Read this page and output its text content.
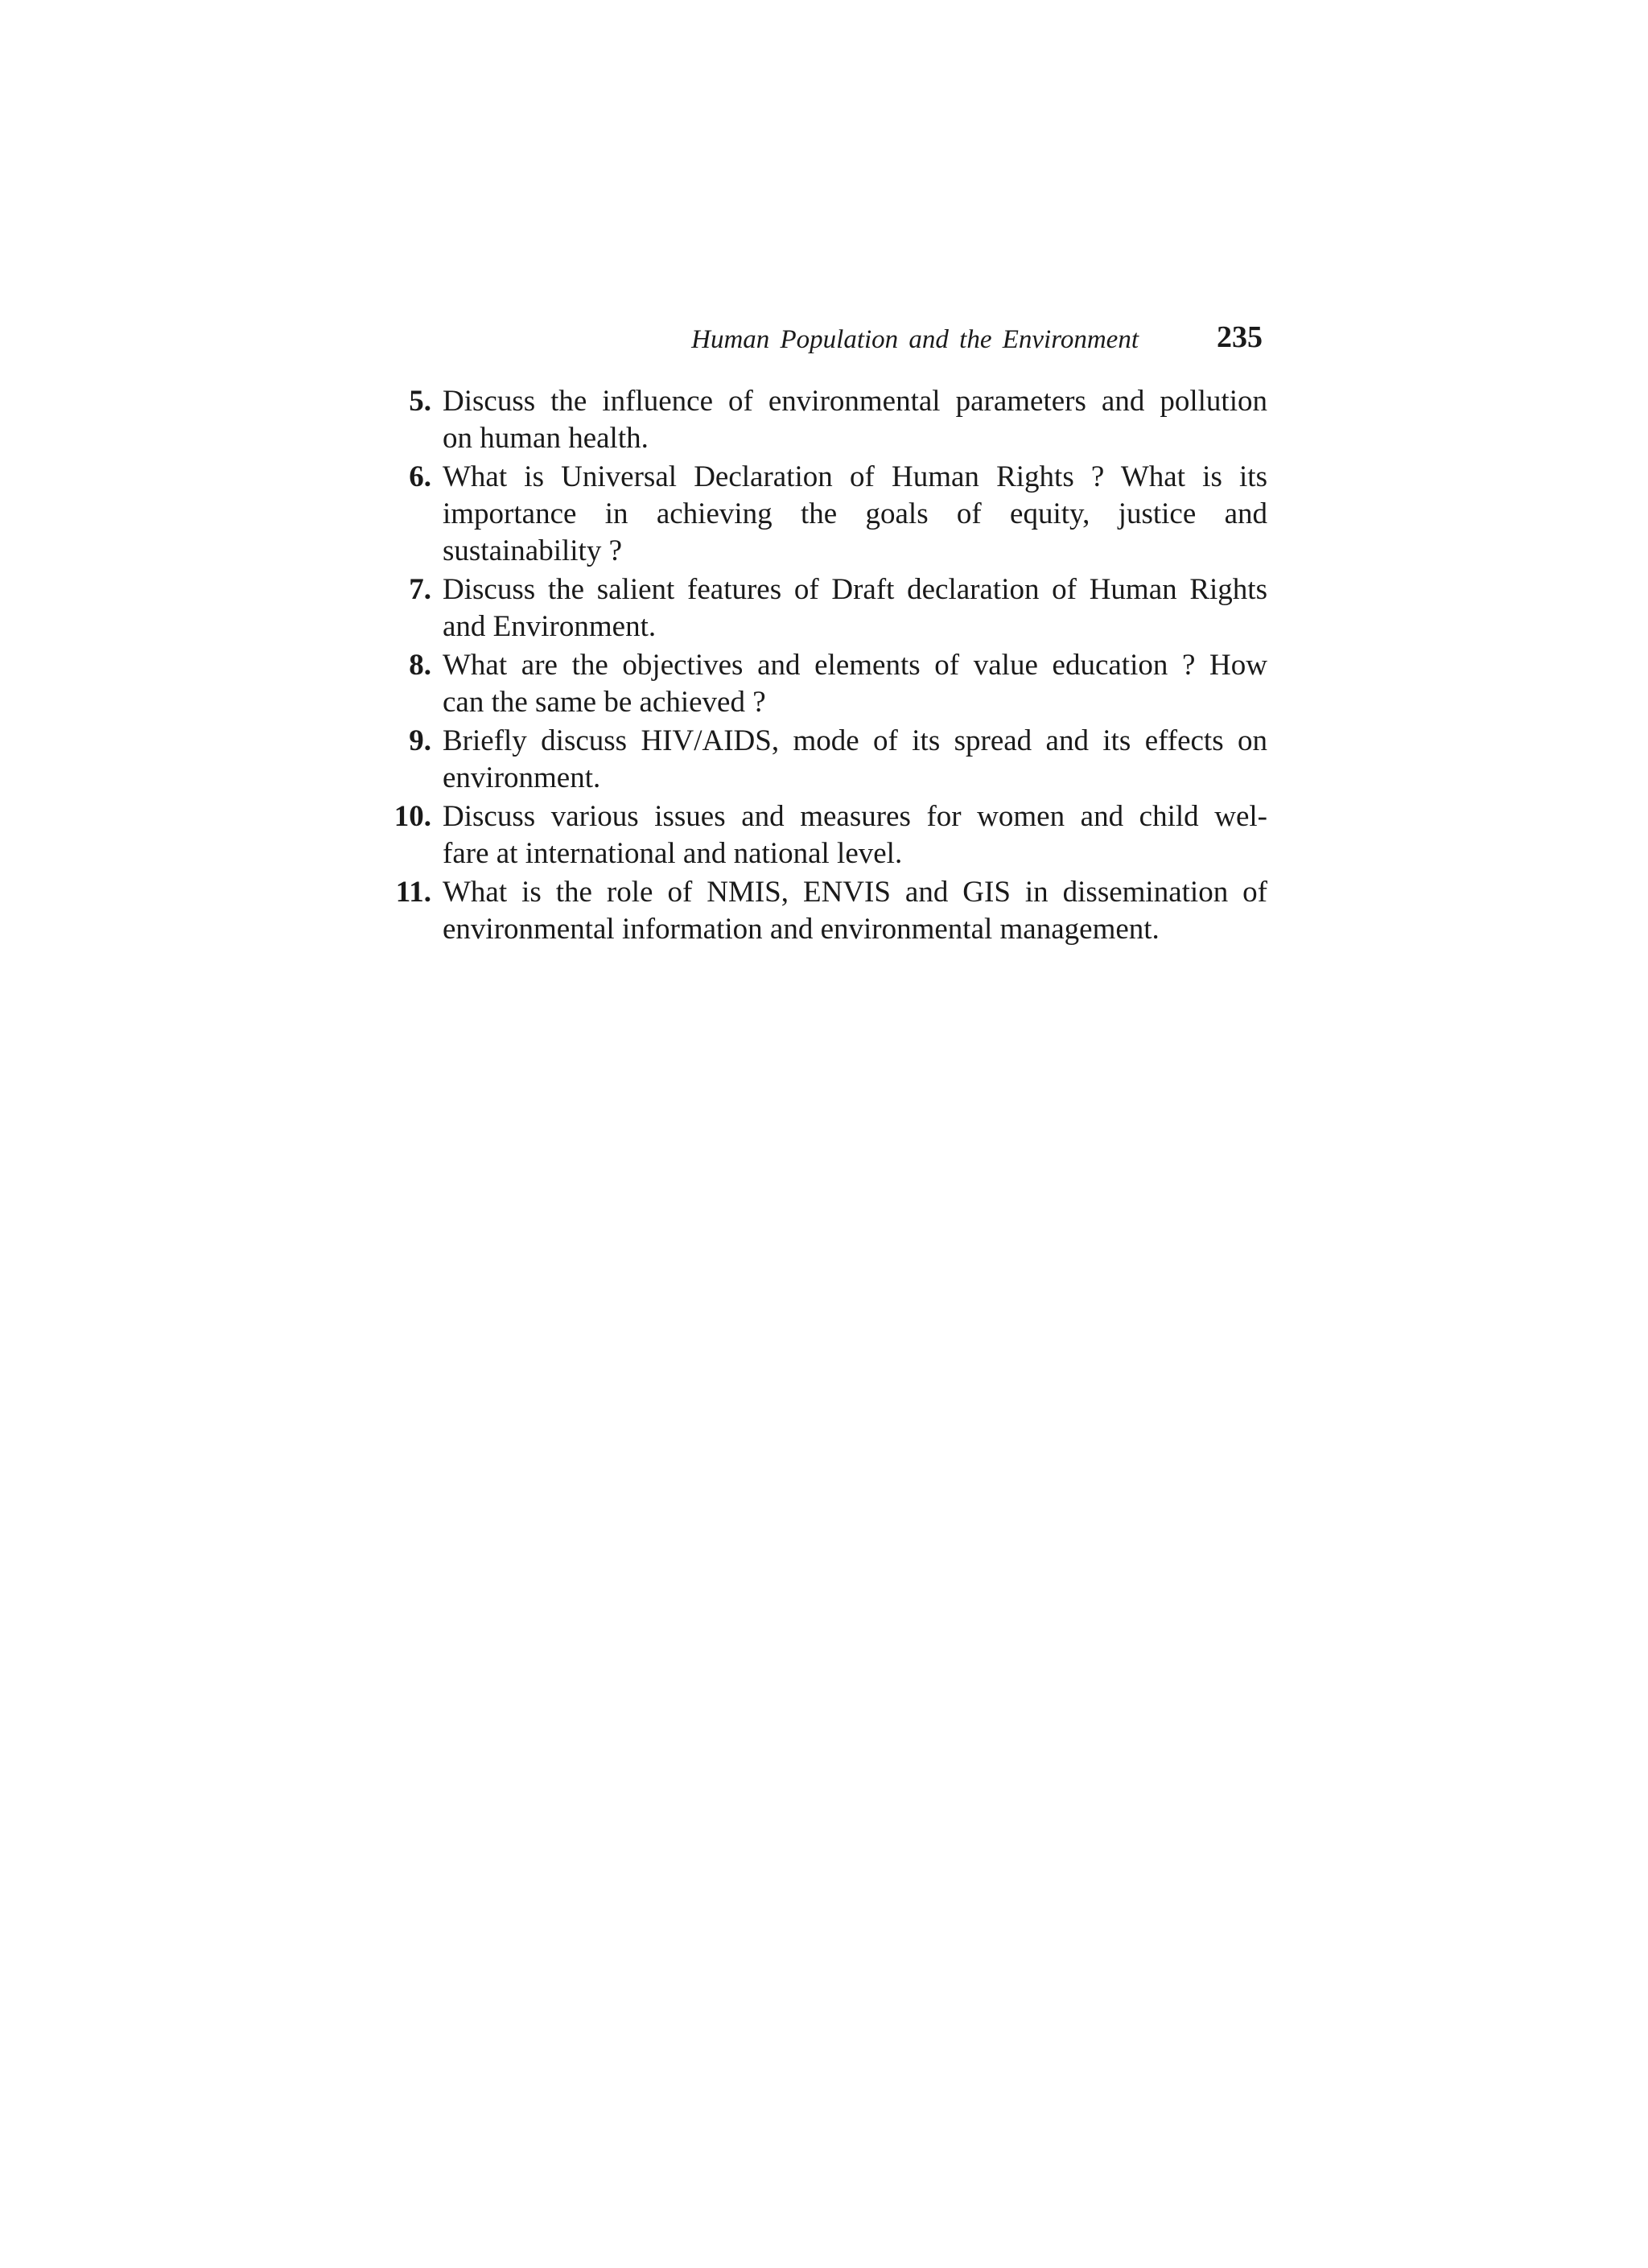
Human Population and the Environment	235
5. Discuss the influence of environmental parameters and pollution
on human health.
6. What is Universal Declaration of Human Rights ? What is its
importance in achieving the goals of equity, justice and
sustainability ?
7. Discuss the salient features of Draft declaration of Human Rights
and Environment.
8. What are the objectives and elements of value education ? How
can the same be achieved ?
9. Briefly discuss HIV/AIDS, mode of its spread and its effects on
environment.
10. Discuss various issues and measures for women and child wel-
fare at international and national level.
11. What is the role of NMIS, ENVIS and GIS in dissemination of
environmental information and environmental management.
